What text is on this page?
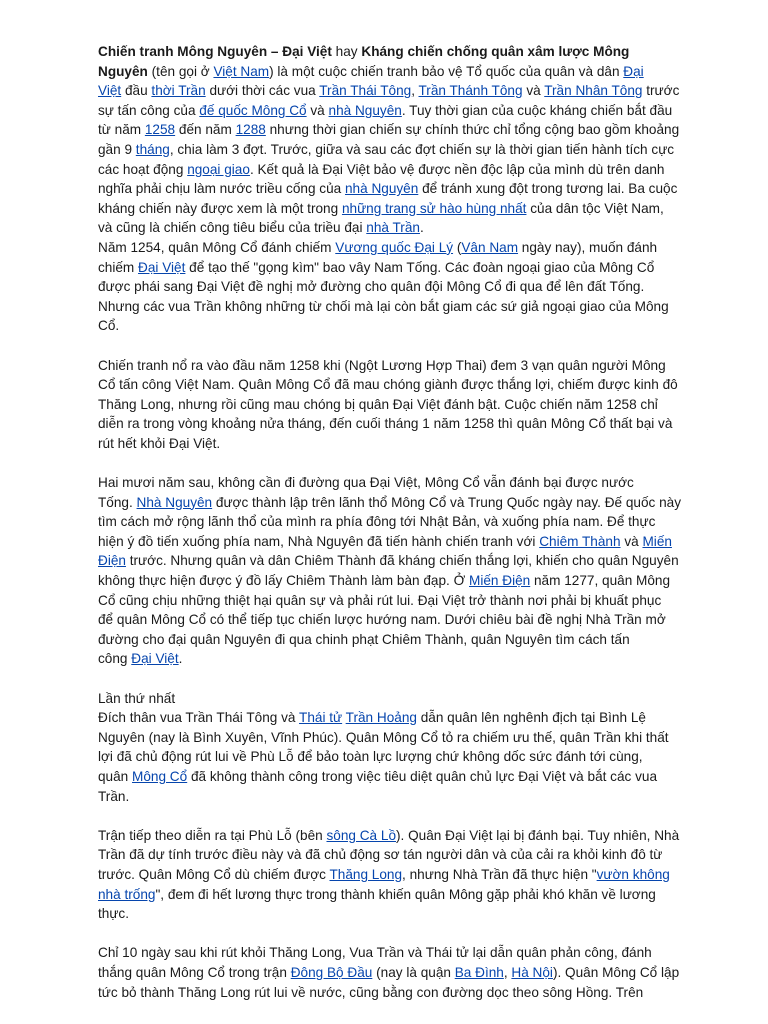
Chiến tranh Mông Nguyên – Đại Việt hay Kháng chiến chống quân xâm lược Mông

Nguyên (tên gọi ở Việt Nam) là một cuộc chiến tranh bảo vệ Tổ quốc của quân và dân Đại

Việt đầu thời Trần dưới thời các vua Trần Thái Tông, Trần Thánh Tông và Trần Nhân Tông trước

sự tấn công của đế quốc Mông Cổ và nhà Nguyên. Tuy thời gian của cuộc kháng chiến bắt đầu

từ năm 1258 đến năm 1288 nhưng thời gian chiến sự chính thức chỉ tổng cộng bao gồm khoảng

gần 9 tháng, chia làm 3 đợt. Trước, giữa và sau các đợt chiến sự là thời gian tiến hành tích cực

các hoạt động ngoại giao. Kết quả là Đại Việt bảo vệ được nền độc lập của mình dù trên danh

nghĩa phải chịu làm nước triều cống của nhà Nguyên để tránh xung đột trong tương lai. Ba cuộc

kháng chiến này được xem là một trong những trang sử hào hùng nhất của dân tộc Việt Nam,

và cũng là chiến công tiêu biểu của triều đại nhà Trần.

Năm 1254, quân Mông Cổ đánh chiếm Vương quốc Đại Lý (Vân Nam ngày nay), muốn đánh

chiếm Đại Việt để tạo thế "gọng kìm" bao vây Nam Tống. Các đoàn ngoại giao của Mông Cổ

được phái sang Đại Việt đề nghị mở đường cho quân đội Mông Cổ đi qua để lên đất Tống.

Nhưng các vua Trần không những từ chối mà lại còn bắt giam các sứ giả ngoại giao của Mông

Cổ.

Chiến tranh nổ ra vào đầu năm 1258 khi (Ngột Lương Hợp Thai) đem 3 vạn quân người Mông

Cổ tấn công Việt Nam. Quân Mông Cổ đã mau chóng giành được thắng lợi, chiếm được kinh đô

Thăng Long, nhưng rồi cũng mau chóng bị quân Đại Việt đánh bật. Cuộc chiến năm 1258 chỉ

diễn ra trong vòng khoảng nửa tháng, đến cuối tháng 1 năm 1258 thì quân Mông Cổ thất bại và

rút hết khỏi Đại Việt.

Hai mươi năm sau, không cần đi đường qua Đại Việt, Mông Cổ vẫn đánh bại được nước

Tống. Nhà Nguyên được thành lập trên lãnh thổ Mông Cổ và Trung Quốc ngày nay. Đế quốc này

tìm cách mở rộng lãnh thổ của mình ra phía đông tới Nhật Bản, và xuống phía nam. Để thực

hiện ý đồ tiến xuống phía nam, Nhà Nguyên đã tiến hành chiến tranh với Chiêm Thành và Miến

Điện trước. Nhưng quân và dân Chiêm Thành đã kháng chiến thắng lợi, khiến cho quân Nguyên

không thực hiện được ý đồ lấy Chiêm Thành làm bàn đạp. Ở Miến Điện năm 1277, quân Mông

Cổ cũng chịu những thiệt hại quân sự và phải rút lui. Đại Việt trở thành nơi phải bị khuất phục

để quân Mông Cổ có thể tiếp tục chiến lược hướng nam. Dưới chiêu bài đề nghị Nhà Trần mở

đường cho đại quân Nguyên đi qua chinh phạt Chiêm Thành, quân Nguyên tìm cách tấn

công Đại Việt.

Lần thứ nhất

Đích thân vua Trần Thái Tông và Thái tử Trần Hoảng dẫn quân lên nghênh địch tại Bình Lệ

Nguyên (nay là Bình Xuyên, Vĩnh Phúc). Quân Mông Cổ tỏ ra chiếm ưu thế, quân Trần khi thất

lợi đã chủ động rút lui về Phù Lỗ để bảo toàn lực lượng chứ không dốc sức đánh tới cùng,

quân Mông Cổ đã không thành công trong việc tiêu diệt quân chủ lực Đại Việt và bắt các vua

Trần.

Trận tiếp theo diễn ra tại Phù Lỗ (bên sông Cà Lồ). Quân Đại Việt lại bị đánh bại. Tuy nhiên, Nhà

Trần đã dự tính trước điều này và đã chủ động sơ tán người dân và của cải ra khỏi kinh đô từ

trước. Quân Mông Cổ dù chiếm được Thăng Long, nhưng Nhà Trần đã thực hiện "vườn không

nhà trống", đem đi hết lương thực trong thành khiến quân Mông gặp phải khó khăn về lương

thực.

Chỉ 10 ngày sau khi rút khỏi Thăng Long, Vua Trần và Thái tử lại dẫn quân phản công, đánh

thắng quân Mông Cổ trong trận Đông Bộ Đầu (nay là quận Ba Đình, Hà Nội). Quân Mông Cổ lập

tức bỏ thành Thăng Long rút lui về nước, cũng bằng con đường dọc theo sông Hồng. Trên
